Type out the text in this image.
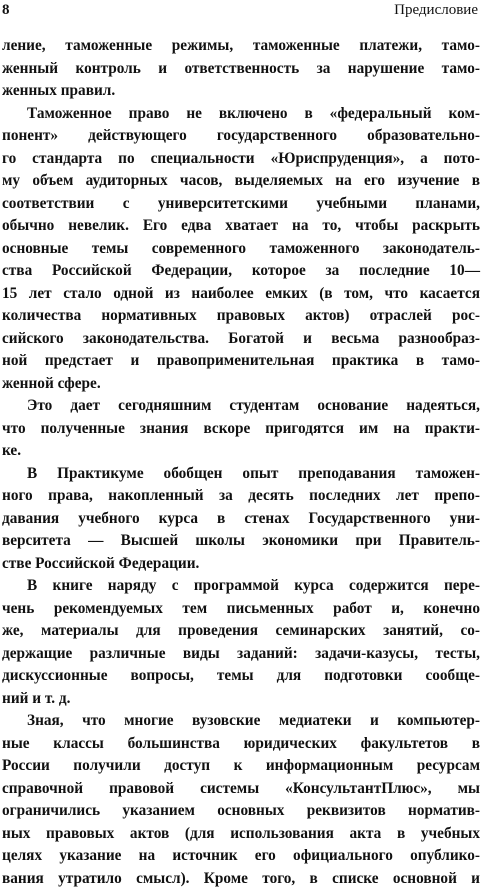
8	Предисловие
ление, таможенные режимы, таможенные платежи, тамо-
женный контроль и ответственность за нарушение тамо-
женных правил.
Таможенное право не включено в «федеральный ком-
понент» действующего государственного образовательно-
го стандарта по специальности «Юриспруденция», а пото-
му объем аудиторных часов, выделяемых на его изучение в
соответствии с университетскими учебными планами,
обычно невелик. Его едва хватает на то, чтобы раскрыть
основные темы современного таможенного законодатель-
ства Российской Федерации, которое за последние 10—
15 лет стало одной из наиболее емких (в том, что касается
количества нормативных правовых актов) отраслей рос-
сийского законодательства. Богатой и весьма разнообраз-
ной предстает и правоприменительная практика в тамо-
женной сфере.
Это дает сегодняшним студентам основание надеяться,
что полученные знания вскоре пригодятся им на практи-
ке.
В Практикуме обобщен опыт преподавания таможен-
ного права, накопленный за десять последних лет препо-
давания учебного курса в стенах Государственного уни-
верситета — Высшей школы экономики при Правитель-
стве Российской Федерации.
В книге наряду с программой курса содержится пере-
чень рекомендуемых тем письменных работ и, конечно
же, материалы для проведения семинарских занятий, со-
держащие различные виды заданий: задачи-казусы, тесты,
дискуссионные вопросы, темы для подготовки сообще-
ний и т. д.
Зная, что многие вузовские медиатеки и компьютер-
ные классы большинства юридических факультетов в
России получили доступ к информационным ресурсам
справочной правовой системы «КонсультантПлюс», мы
ограничились указанием основных реквизитов норматив-
ных правовых актов (для использования акта в учебных
целях указание на источник его официального опублико-
вания утратило смысл). Кроме того, в списке основной и
